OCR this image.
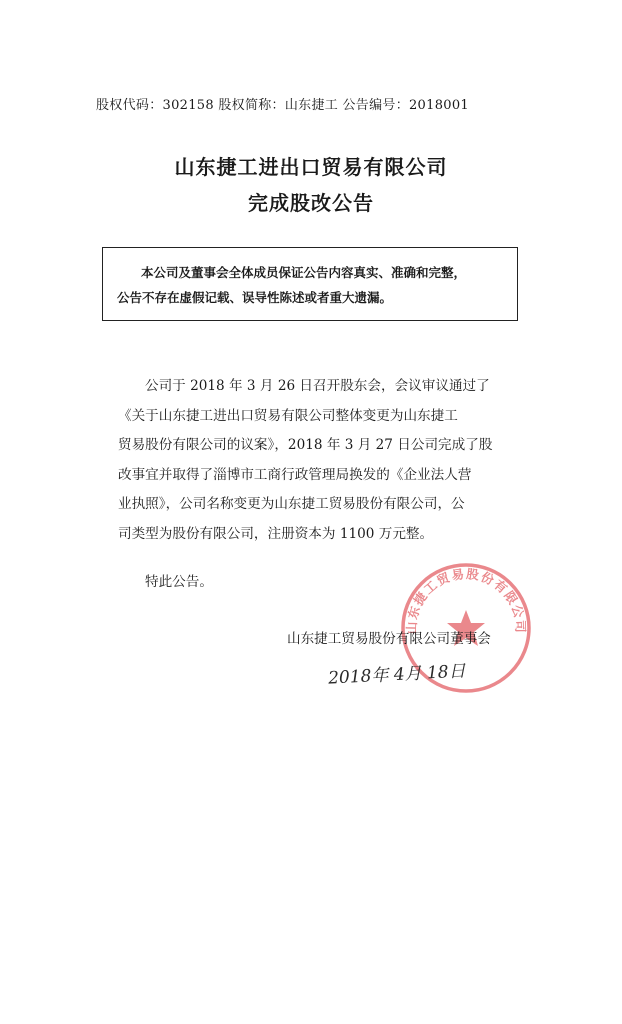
股权代码：302158 股权简称：山东捷工 公告编号：2018001
山东捷工进出口贸易有限公司
完成股改公告
本公司及董事会全体成员保证公告内容真实、准确和完整，
公告不存在虚假记载、误导性陈述或者重大遗漏。
公司于 2018 年 3 月 26 日召开股东会，会议审议通过了
《关于山东捷工进出口贸易有限公司整体变更为山东捷工
贸易股份有限公司的议案》，2018 年 3 月 27 日公司完成了股
改事宜并取得了淄博市工商行政管理局换发的《企业法人营
业执照》，公司名称变更为山东捷工贸易股份有限公司，公
司类型为股份有限公司，注册资本为 1100 万元整。
特此公告。
山东捷工贸易股份有限公司
山东捷工贸易股份有限公司董事会
2018年 4月 18日
